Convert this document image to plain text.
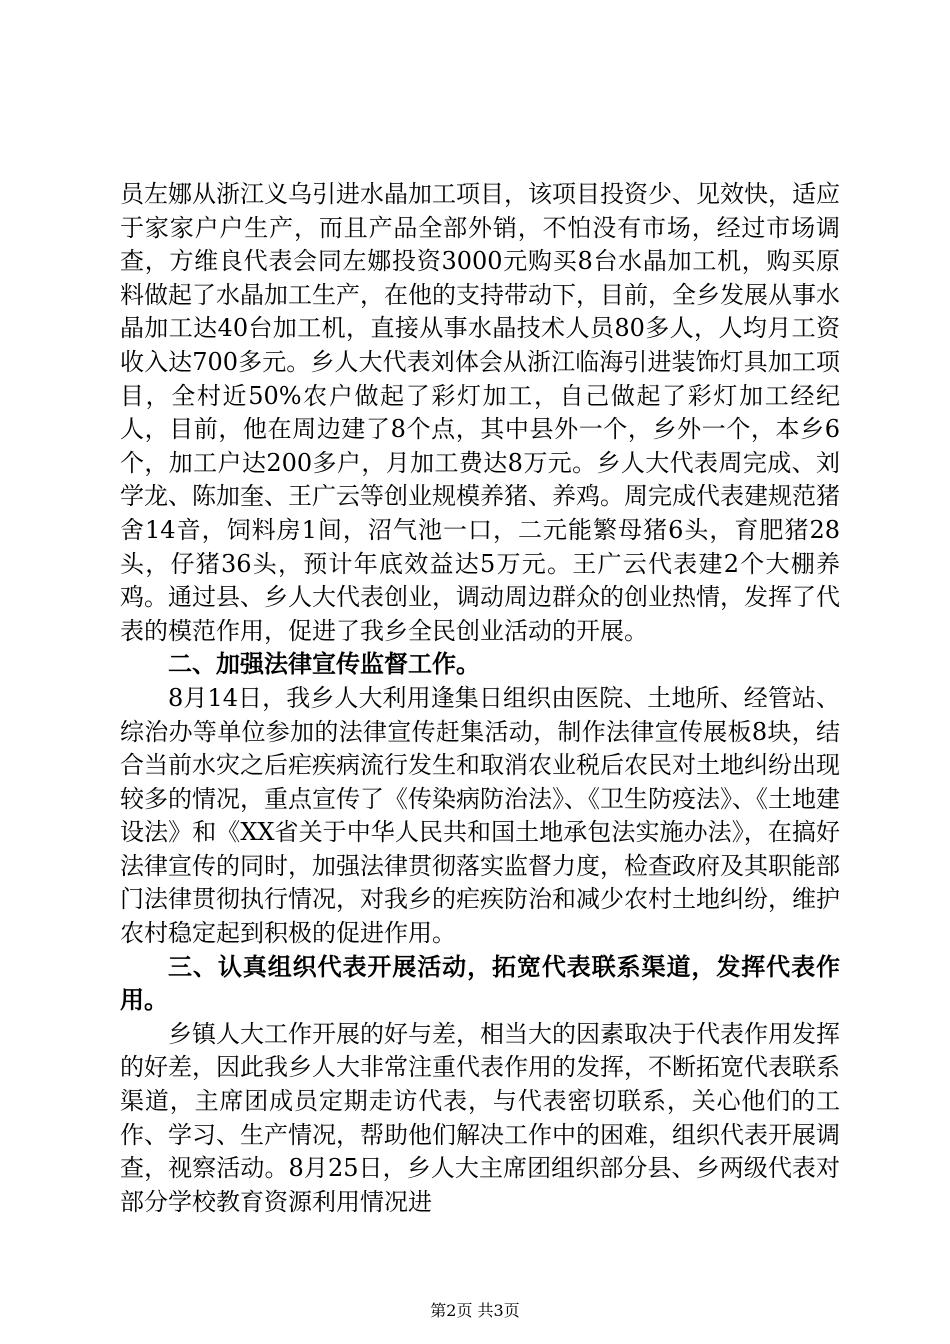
员左娜从浙江义乌引进水晶加工项目，该项目投资少、见效快，适应于家家户户生产，而且产品全部外销，不怕没有市场，经过市场调查，方维良代表会同左娜投资3000元购买8台水晶加工机，购买原料做起了水晶加工生产，在他的支持带动下，目前，全乡发展从事水晶加工达40台加工机，直接从事水晶技术人员80多人，人均月工资收入达700多元。乡人大代表刘体会从浙江临海引进装饰灯具加工项目，全村近50%农户做起了彩灯加工，自己做起了彩灯加工经纪人，目前，他在周边建了8个点，其中县外一个，乡外一个，本乡6个，加工户达200多户，月加工费达8万元。乡人大代表周完成、刘学龙、陈加奎、王广云等创业规模养猪、养鸡。周完成代表建规范猪舍14音，饲料房1间，沼气池一口，二元能繁母猪6头，育肥猪28头，仔猪36头，预计年底效益达5万元。王广云代表建2个大棚养鸡。通过县、乡人大代表创业，调动周边群众的创业热情，发挥了代表的模范作用，促进了我乡全民创业活动的开展。

二、加强法律宣传监督工作。

8月14日，我乡人大利用逢集日组织由医院、土地所、经管站、综治办等单位参加的法律宣传赶集活动，制作法律宣传展板8块，结合当前水灾之后疟疾病流行发生和取消农业税后农民对土地纠纷出现较多的情况，重点宣传了《传染病防治法》、《卫生防疫法》、《土地建设法》和《XX省关于中华人民共和国土地承包法实施办法》，在搞好法律宣传的同时，加强法律贯彻落实监督力度，检查政府及其职能部门法律贯彻执行情况，对我乡的疟疾防治和减少农村土地纠纷，维护农村稳定起到积极的促进作用。

三、认真组织代表开展活动，拓宽代表联系渠道，发挥代表作用。

乡镇人大工作开展的好与差，相当大的因素取决于代表作用发挥的好差，因此我乡人大非常注重代表作用的发挥，不断拓宽代表联系渠道，主席团成员定期走访代表，与代表密切联系，关心他们的工作、学习、生产情况，帮助他们解决工作中的困难，组织代表开展调查，视察活动。8月25日，乡人大主席团组织部分县、乡两级代表对部分学校教育资源利用情况进

第2页 共3页
